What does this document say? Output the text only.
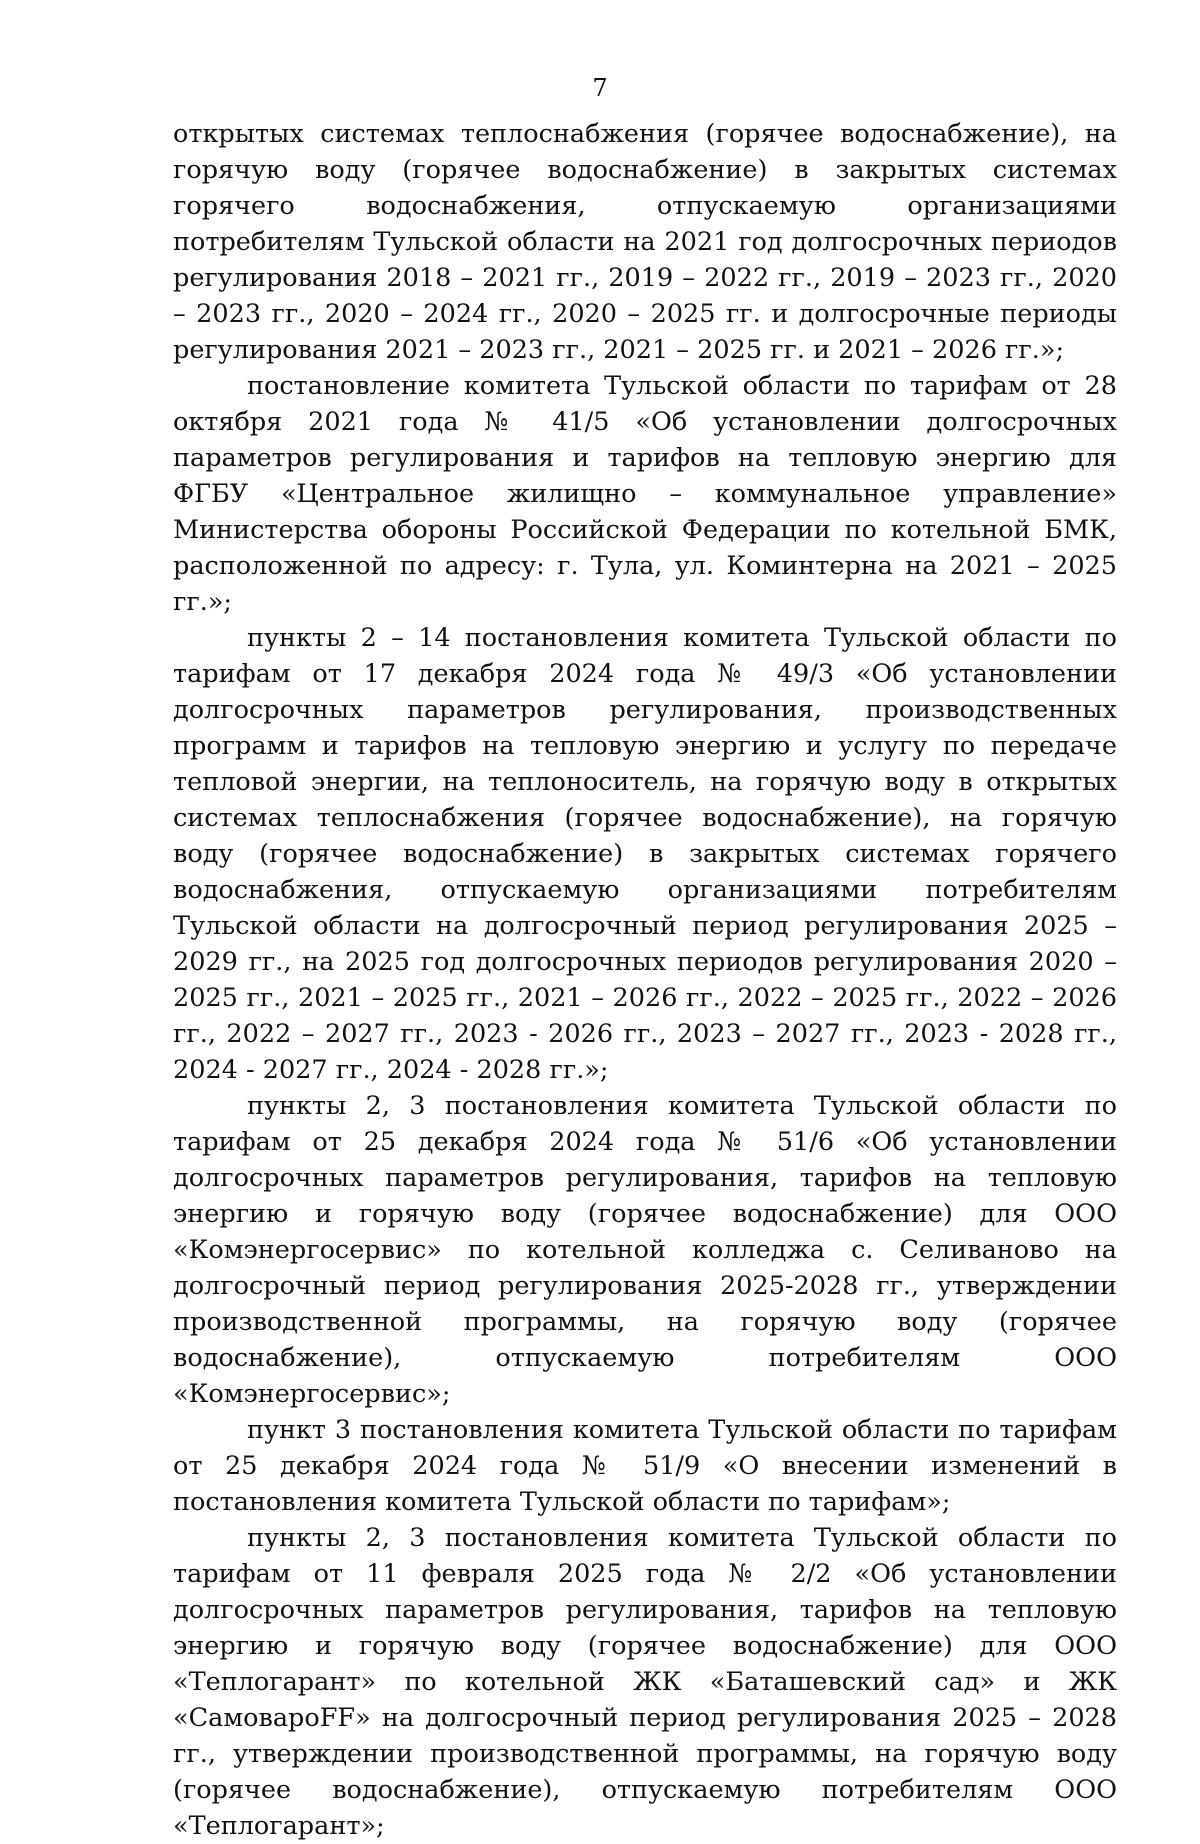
7

открытых системах теплоснабжения (горячее водоснабжение), на горячую воду (горячее водоснабжение) в закрытых системах горячего водоснабжения, отпускаемую организациями потребителям Тульской области на 2021 год долгосрочных периодов регулирования 2018 – 2021 гг., 2019 – 2022 гг., 2019 – 2023 гг., 2020 – 2023 гг., 2020 – 2024 гг., 2020 – 2025 гг. и долгосрочные периоды регулирования 2021 – 2023 гг., 2021 – 2025 гг. и 2021 – 2026 гг.»;

постановление комитета Тульской области по тарифам от 28 октября 2021 года № 41/5 «Об установлении долгосрочных параметров регулирования и тарифов на тепловую энергию для ФГБУ «Центральное жилищно – коммунальное управление» Министерства обороны Российской Федерации по котельной БМК, расположенной по адресу: г. Тула, ул. Коминтерна на 2021 – 2025 гг.»;

пункты 2 – 14 постановления комитета Тульской области по тарифам от 17 декабря 2024 года № 49/3 «Об установлении долгосрочных параметров регулирования, производственных программ и тарифов на тепловую энергию и услугу по передаче тепловой энергии, на теплоноситель, на горячую воду в открытых системах теплоснабжения (горячее водоснабжение), на горячую воду (горячее водоснабжение) в закрытых системах горячего водоснабжения, отпускаемую организациями потребителям Тульской области на долгосрочный период регулирования 2025 – 2029 гг., на 2025 год долгосрочных периодов регулирования 2020 – 2025 гг., 2021 – 2025 гг., 2021 – 2026 гг., 2022 – 2025 гг., 2022 – 2026 гг., 2022 – 2027 гг., 2023 - 2026 гг., 2023 – 2027 гг., 2023 - 2028 гг., 2024 - 2027 гг., 2024 - 2028 гг.»;

пункты 2, 3 постановления комитета Тульской области по тарифам от 25 декабря 2024 года № 51/6 «Об установлении долгосрочных параметров регулирования, тарифов на тепловую энергию и горячую воду (горячее водоснабжение) для ООО «Комэнергосервис» по котельной колледжа с. Селиваново на долгосрочный период регулирования 2025-2028 гг., утверждении производственной программы, на горячую воду (горячее водоснабжение), отпускаемую потребителям ООО «Комэнергосервис»;

пункт 3 постановления комитета Тульской области по тарифам от 25 декабря 2024 года № 51/9 «О внесении изменений в постановления комитета Тульской области по тарифам»;

пункты 2, 3 постановления комитета Тульской области по тарифам от 11 февраля 2025 года № 2/2 «Об установлении долгосрочных параметров регулирования, тарифов на тепловую энергию и горячую воду (горячее водоснабжение) для ООО «Теплогарант» по котельной ЖК «Баташевский сад» и ЖК «СамовароFF» на долгосрочный период регулирования 2025 – 2028 гг., утверждении производственной программы, на горячую воду (горячее водоснабжение), отпускаемую потребителям ООО «Теплогарант»;
